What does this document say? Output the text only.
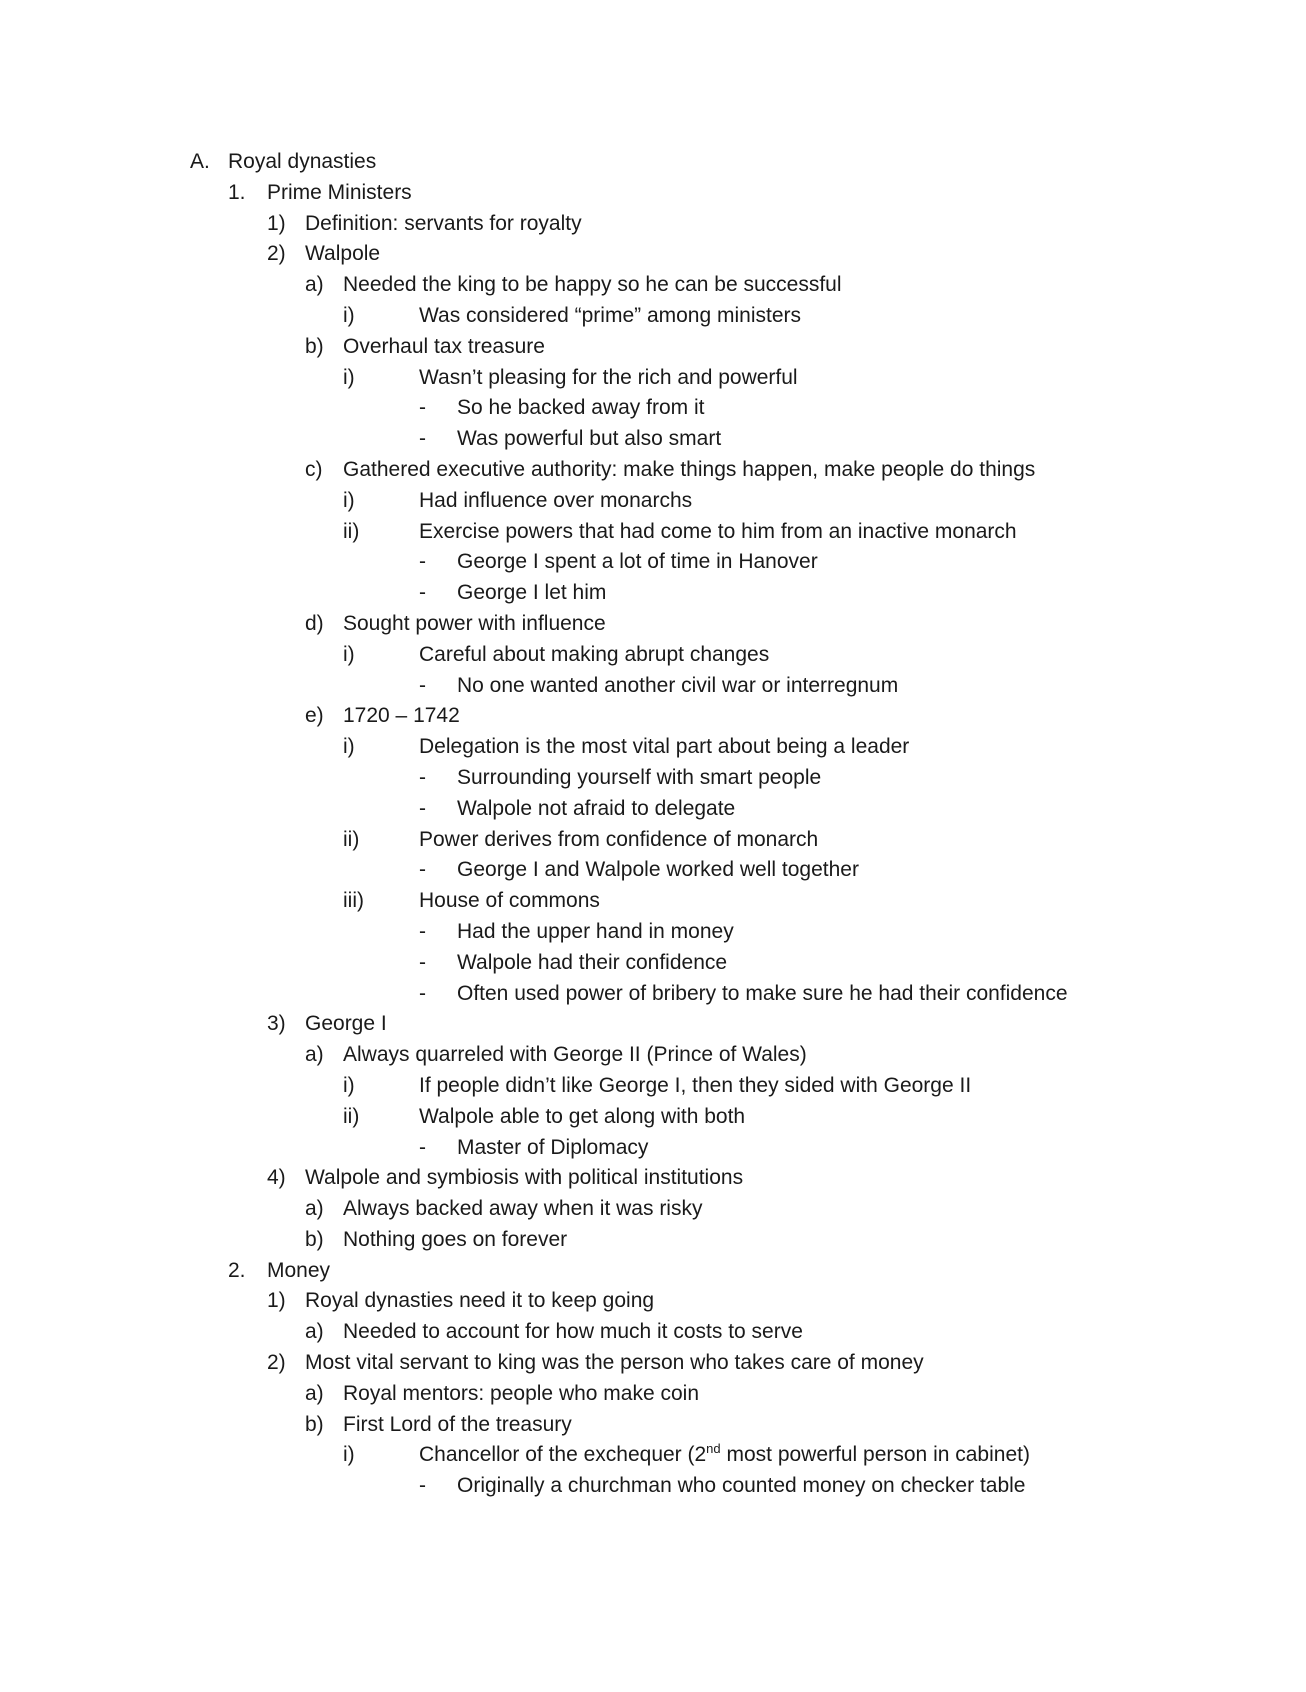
A. Royal dynasties
1. Prime Ministers
1) Definition: servants for royalty
2) Walpole
a) Needed the king to be happy so he can be successful
i)	Was considered “prime” among ministers
b) Overhaul tax treasure
i)	Wasn’t pleasing for the rich and powerful
- So he backed away from it
- Was powerful but also smart
c) Gathered executive authority: make things happen, make people do things
i)	Had influence over monarchs
ii)	Exercise powers that had come to him from an inactive monarch
- George I spent a lot of time in Hanover
- George I let him
d) Sought power with influence
i)	Careful about making abrupt changes
- No one wanted another civil war or interregnum
e) 1720 – 1742
i)	Delegation is the most vital part about being a leader
- Surrounding yourself with smart people
- Walpole not afraid to delegate
ii)	Power derives from confidence of monarch
- George I and Walpole worked well together
iii)	House of commons
- Had the upper hand in money
- Walpole had their confidence
- Often used power of bribery to make sure he had their confidence
3) George I
a) Always quarreled with George II (Prince of Wales)
i)	If people didn’t like George I, then they sided with George II
ii)	Walpole able to get along with both
- Master of Diplomacy
4) Walpole and symbiosis with political institutions
a) Always backed away when it was risky
b) Nothing goes on forever
2. Money
1) Royal dynasties need it to keep going
a) Needed to account for how much it costs to serve
2) Most vital servant to king was the person who takes care of money
a) Royal mentors: people who make coin
b) First Lord of the treasury
i)	Chancellor of the exchequer (2nd most powerful person in cabinet)
- Originally a churchman who counted money on checker table
